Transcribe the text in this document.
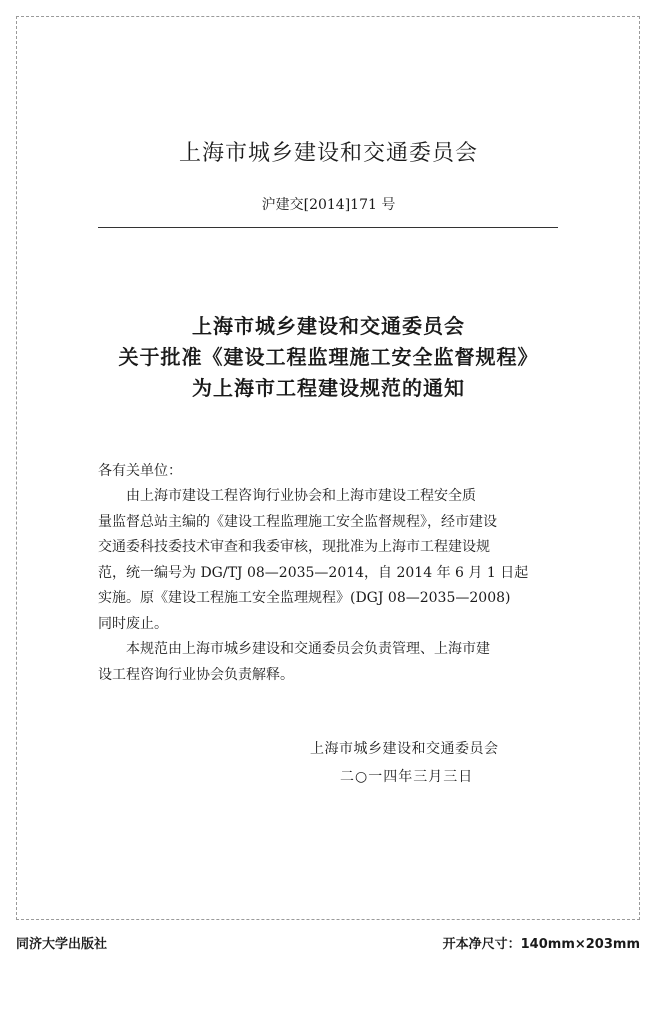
上海市城乡建设和交通委员会
沪建交[2014]171 号
上海市城乡建设和交通委员会
关于批准《建设工程监理施工安全监督规程》
为上海市工程建设规范的通知
各有关单位：

　　由上海市建设工程咨询行业协会和上海市建设工程安全质
量监督总站主编的《建设工程监理施工安全监督规程》，经市建设
交通委科技委技术审查和我委审核，现批准为上海市工程建设规
范，统一编号为 DG/TJ 08—2035—2014，自 2014 年 6 月 1 日起
实施。原《建设工程施工安全监理规程》(DGJ 08—2035—2008)
同时废止。

　　本规范由上海市城乡建设和交通委员会负责管理、上海市建
设工程咨询行业协会负责解释。

上海市城乡建设和交通委员会
二○一四年三月三日
同济大学出版社	开本净尺寸：140mm×203mm
